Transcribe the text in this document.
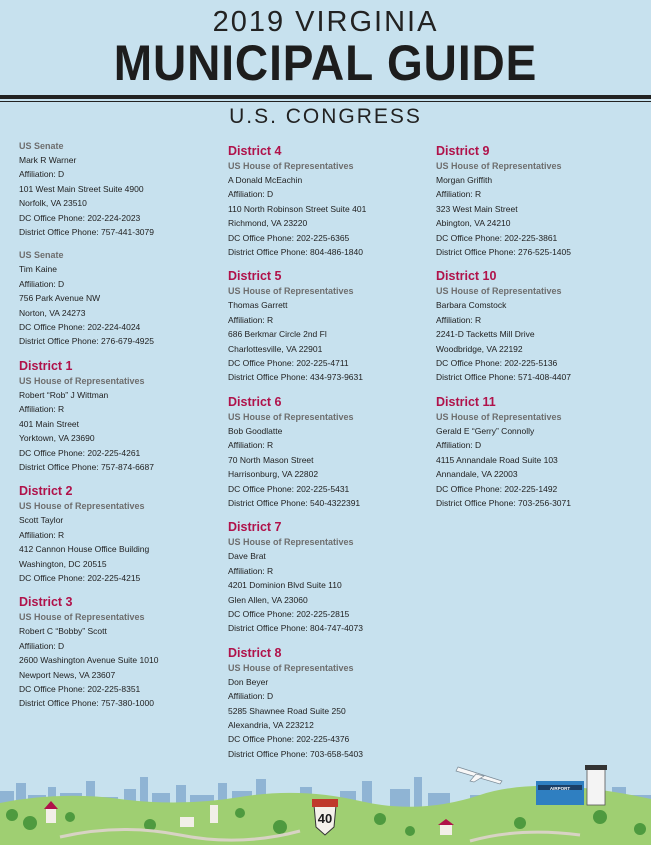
2019 VIRGINIA
MUNICIPAL GUIDE
U.S. CONGRESS
US Senate
Mark R Warner
Affiliation: D
101 West Main Street Suite 4900
Norfolk, VA 23510
DC Office Phone: 202-224-2023
District Office Phone: 757-441-3079
US Senate
Tim Kaine
Affiliation: D
756 Park Avenue NW
Norton, VA 24273
DC Office Phone: 202-224-4024
District Office Phone: 276-679-4925
District 1
US House of Representatives
Robert “Rob” J Wittman
Affiliation: R
401 Main Street
Yorktown, VA 23690
DC Office Phone: 202-225-4261
District Office Phone: 757-874-6687
District 2
US House of Representatives
Scott Taylor
Affiliation: R
412 Cannon House Office Building
Washington, DC 20515
DC Office Phone: 202-225-4215
District 3
US House of Representatives
Robert C “Bobby” Scott
Affiliation: D
2600 Washington Avenue Suite 1010
Newport News, VA 23607
DC Office Phone: 202-225-8351
District Office Phone: 757-380-1000
District 4
US House of Representatives
A Donald McEachin
Affiliation: D
110 North Robinson Street Suite 401
Richmond, VA 23220
DC Office Phone: 202-225-6365
District Office Phone: 804-486-1840
District 5
US House of Representatives
Thomas Garrett
Affiliation: R
686 Berkmar Circle 2nd Fl
Charlottesville, VA 22901
DC Office Phone: 202-225-4711
District Office Phone: 434-973-9631
District 6
US House of Representatives
Bob Goodlatte
Affiliation: R
70 North Mason Street
Harrisonburg, VA 22802
DC Office Phone: 202-225-5431
District Office Phone: 540-4322391
District 7
US House of Representatives
Dave Brat
Affiliation: R
4201 Dominion Blvd Suite 110
Glen Allen, VA 23060
DC Office Phone: 202-225-2815
District Office Phone: 804-747-4073
District 8
US House of Representatives
Don Beyer
Affiliation: D
5285 Shawnee Road Suite 250
Alexandria, VA 223212
DC Office Phone: 202-225-4376
District Office Phone: 703-658-5403
District 9
US House of Representatives
Morgan Griffith
Affiliation: R
323 West Main Street
Abington, VA 24210
DC Office Phone: 202-225-3861
District Office Phone: 276-525-1405
District 10
US House of Representatives
Barbara Comstock
Affiliation: R
2241-D Tacketts Mill Drive
Woodbridge, VA 22192
DC Office Phone: 202-225-5136
District Office Phone: 571-408-4407
District 11
US House of Representatives
Gerald E “Gerry” Connolly
Affiliation: D
4115 Annandale Road Suite 103
Annandale, VA 22003
DC Office Phone: 202-225-1492
District Office Phone: 703-256-3071
40
AIRPORT
